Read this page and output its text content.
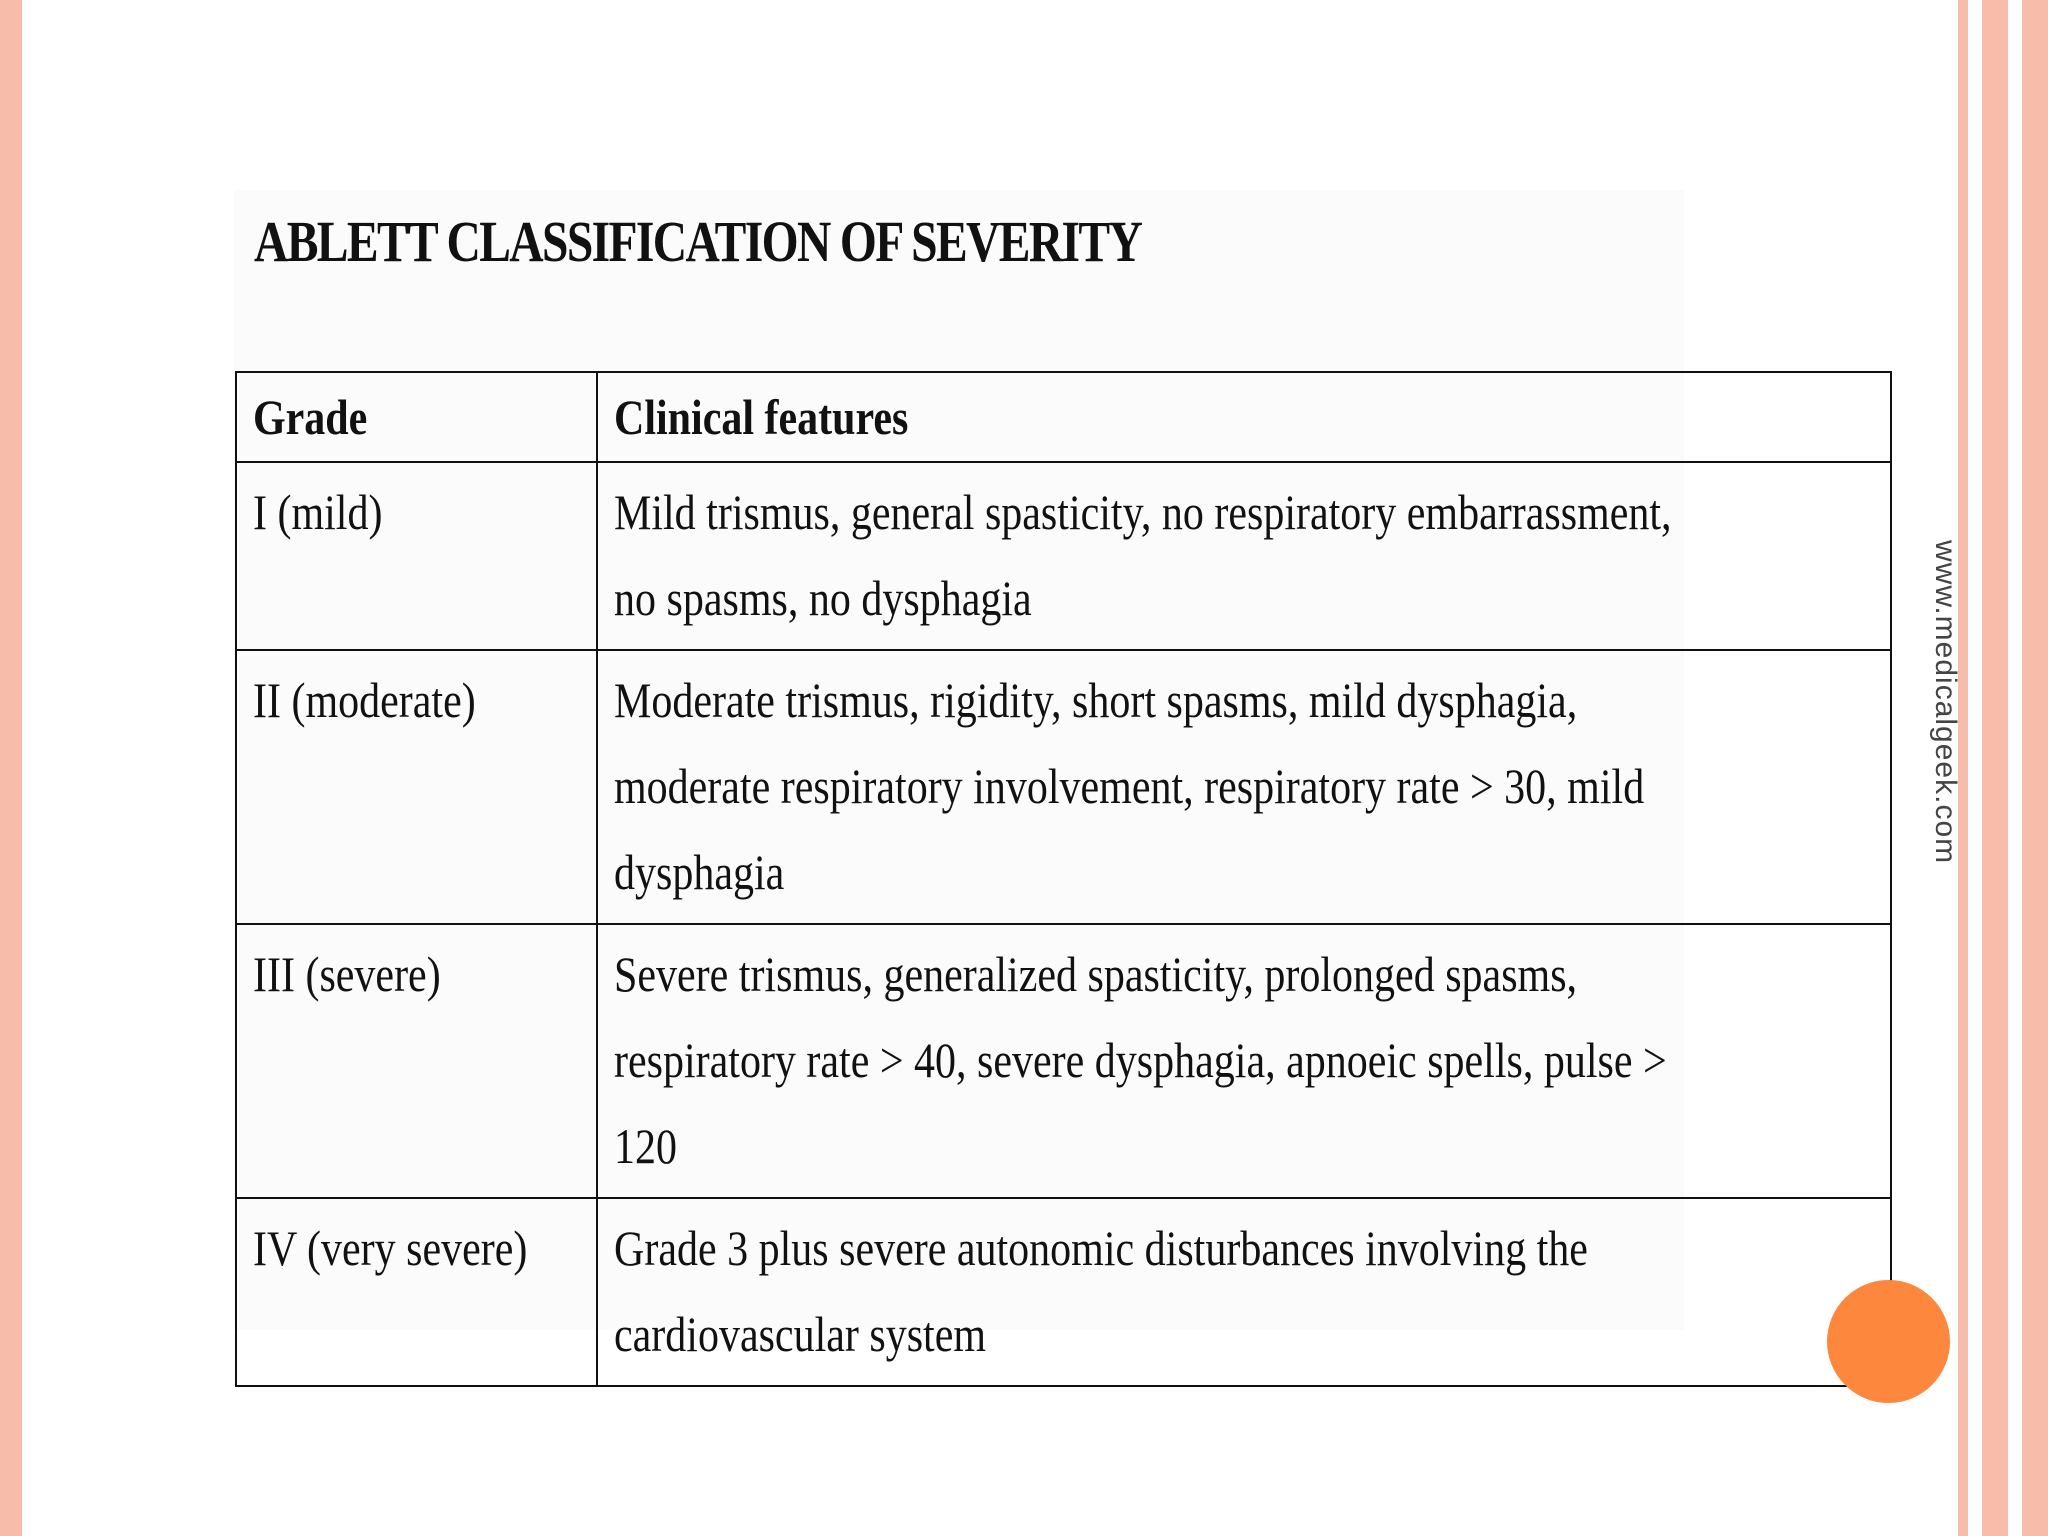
ABLETT CLASSIFICATION OF SEVERITY
Grade	Clinical features
I (mild)	Mild trismus, general spasticity, no respiratory embarrassment, no spasms, no dysphagia

II (moderate)	Moderate trismus, rigidity, short spasms, mild dysphagia, moderate respiratory involvement, respiratory rate > 30, mild dysphagia

III (severe)	Severe trismus, generalized spasticity, prolonged spasms, respiratory rate > 40, severe dysphagia, apnoeic spells, pulse > 120

IV (very severe)	Grade 3 plus severe autonomic disturbances involving the cardiovascular system
www.medicalgeek.com
